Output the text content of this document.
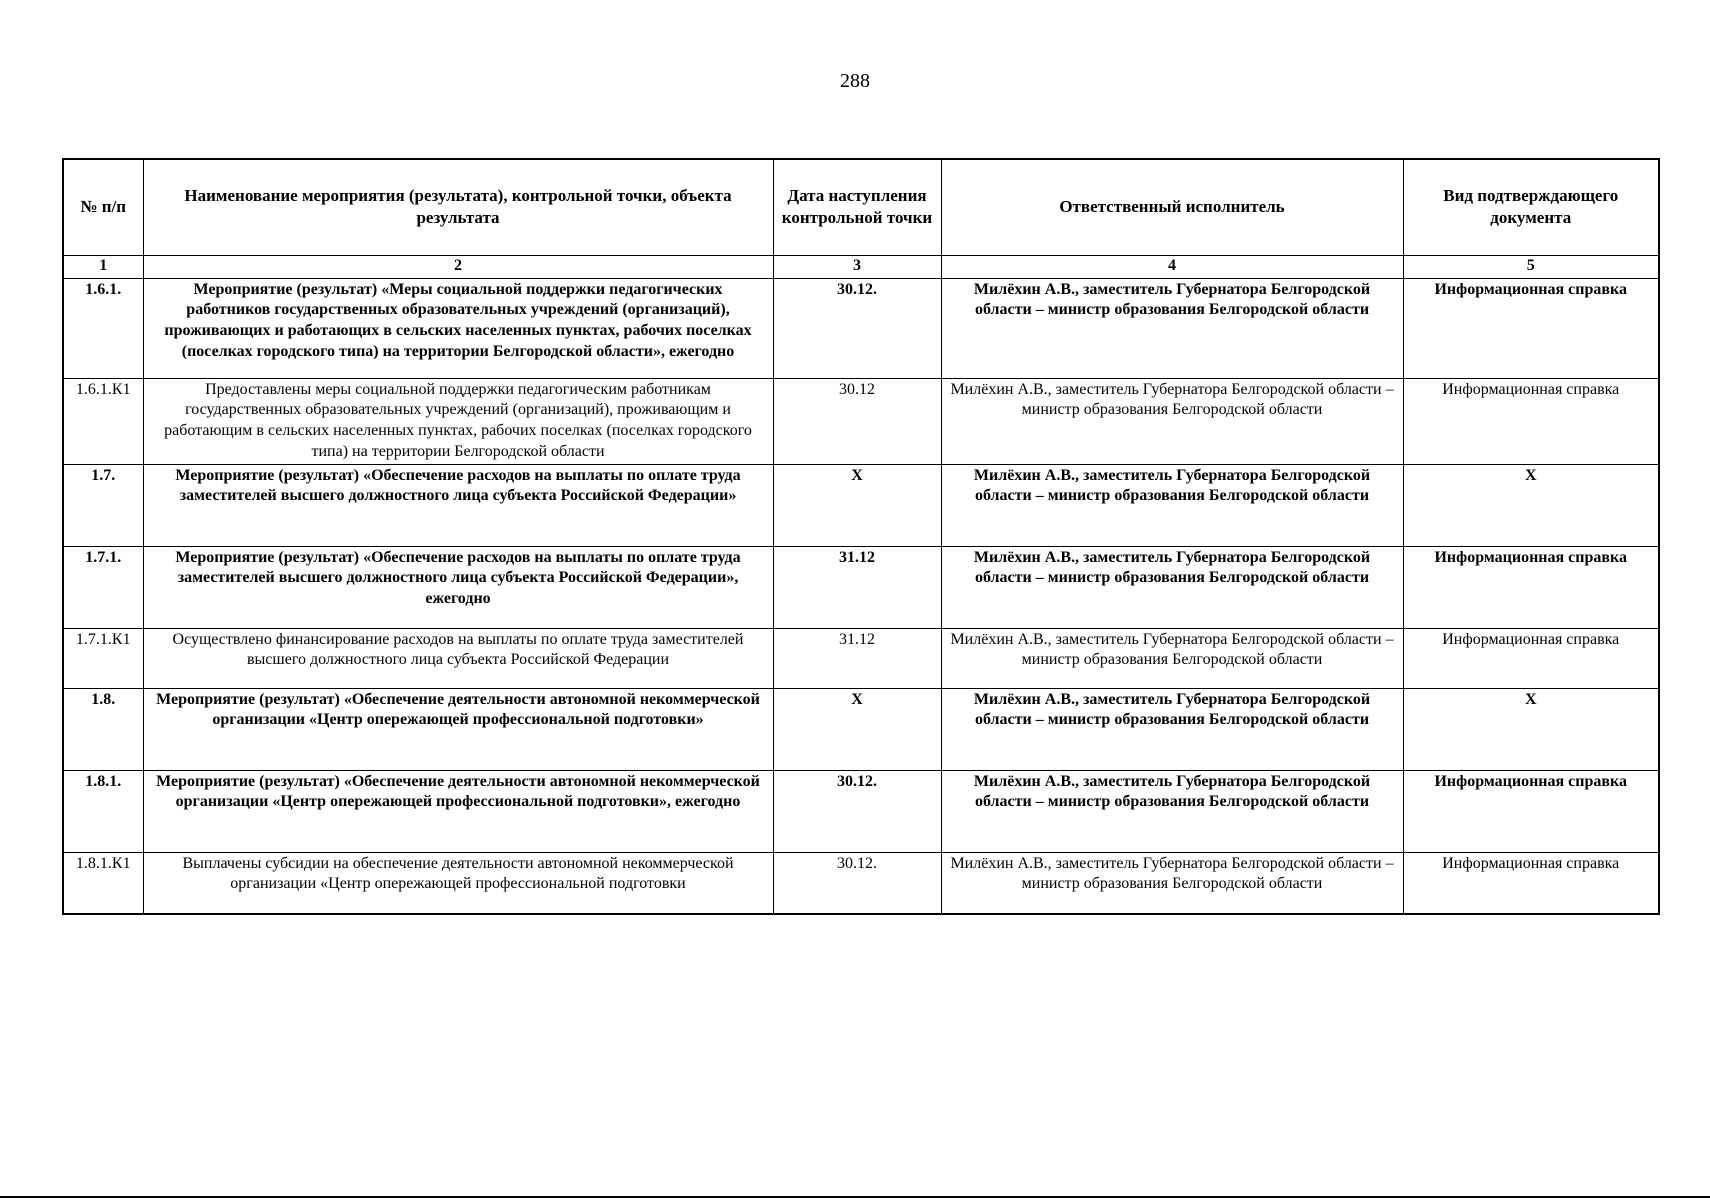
288
№ п/п	Наименование мероприятия (результата), контрольной точки, объекта результата	Дата наступления контрольной точки	Ответственный исполнитель	Вид подтверждающего документа
1	2	3	4	5
1.6.1.	Мероприятие (результат) «Меры социальной поддержки педагогических работников государственных образовательных учреждений (организаций), проживающих и работающих в сельских населенных пунктах, рабочих поселках (поселках городского типа) на территории Белгородской области», ежегодно	30.12.	Милёхин А.В., заместитель Губернатора Белгородской области – министр образования Белгородской области	Информационная справка
1.6.1.К1	Предоставлены меры социальной поддержки педагогическим работникам государственных образовательных учреждений (организаций), проживающим и работающим в сельских населенных пунктах, рабочих поселках (поселках городского типа) на территории Белгородской области	30.12	Милёхин А.В., заместитель Губернатора Белгородской области – министр образования Белгородской области	Информационная справка
1.7.	Мероприятие (результат) «Обеспечение расходов на выплаты по оплате труда заместителей высшего должностного лица субъекта Российской Федерации»	Х	Милёхин А.В., заместитель Губернатора Белгородской области – министр образования Белгородской области	Х
1.7.1.	Мероприятие (результат) «Обеспечение расходов на выплаты по оплате труда заместителей высшего должностного лица субъекта Российской Федерации», ежегодно	31.12	Милёхин А.В., заместитель Губернатора Белгородской области – министр образования Белгородской области	Информационная справка
1.7.1.К1	Осуществлено финансирование расходов на выплаты по оплате труда заместителей высшего должностного лица субъекта Российской Федерации	31.12	Милёхин А.В., заместитель Губернатора Белгородской области – министр образования Белгородской области	Информационная справка
1.8.	Мероприятие (результат) «Обеспечение деятельности автономной некоммерческой организации «Центр опережающей профессиональной подготовки»	Х	Милёхин А.В., заместитель Губернатора Белгородской области – министр образования Белгородской области	Х
1.8.1.	Мероприятие (результат) «Обеспечение деятельности автономной некоммерческой организации «Центр опережающей профессиональной подготовки», ежегодно	30.12.	Милёхин А.В., заместитель Губернатора Белгородской области – министр образования Белгородской области	Информационная справка
1.8.1.К1	Выплачены субсидии на обеспечение деятельности автономной некоммерческой организации «Центр опережающей профессиональной подготовки	30.12.	Милёхин А.В., заместитель Губернатора Белгородской области – министр образования Белгородской области	Информационная справка
